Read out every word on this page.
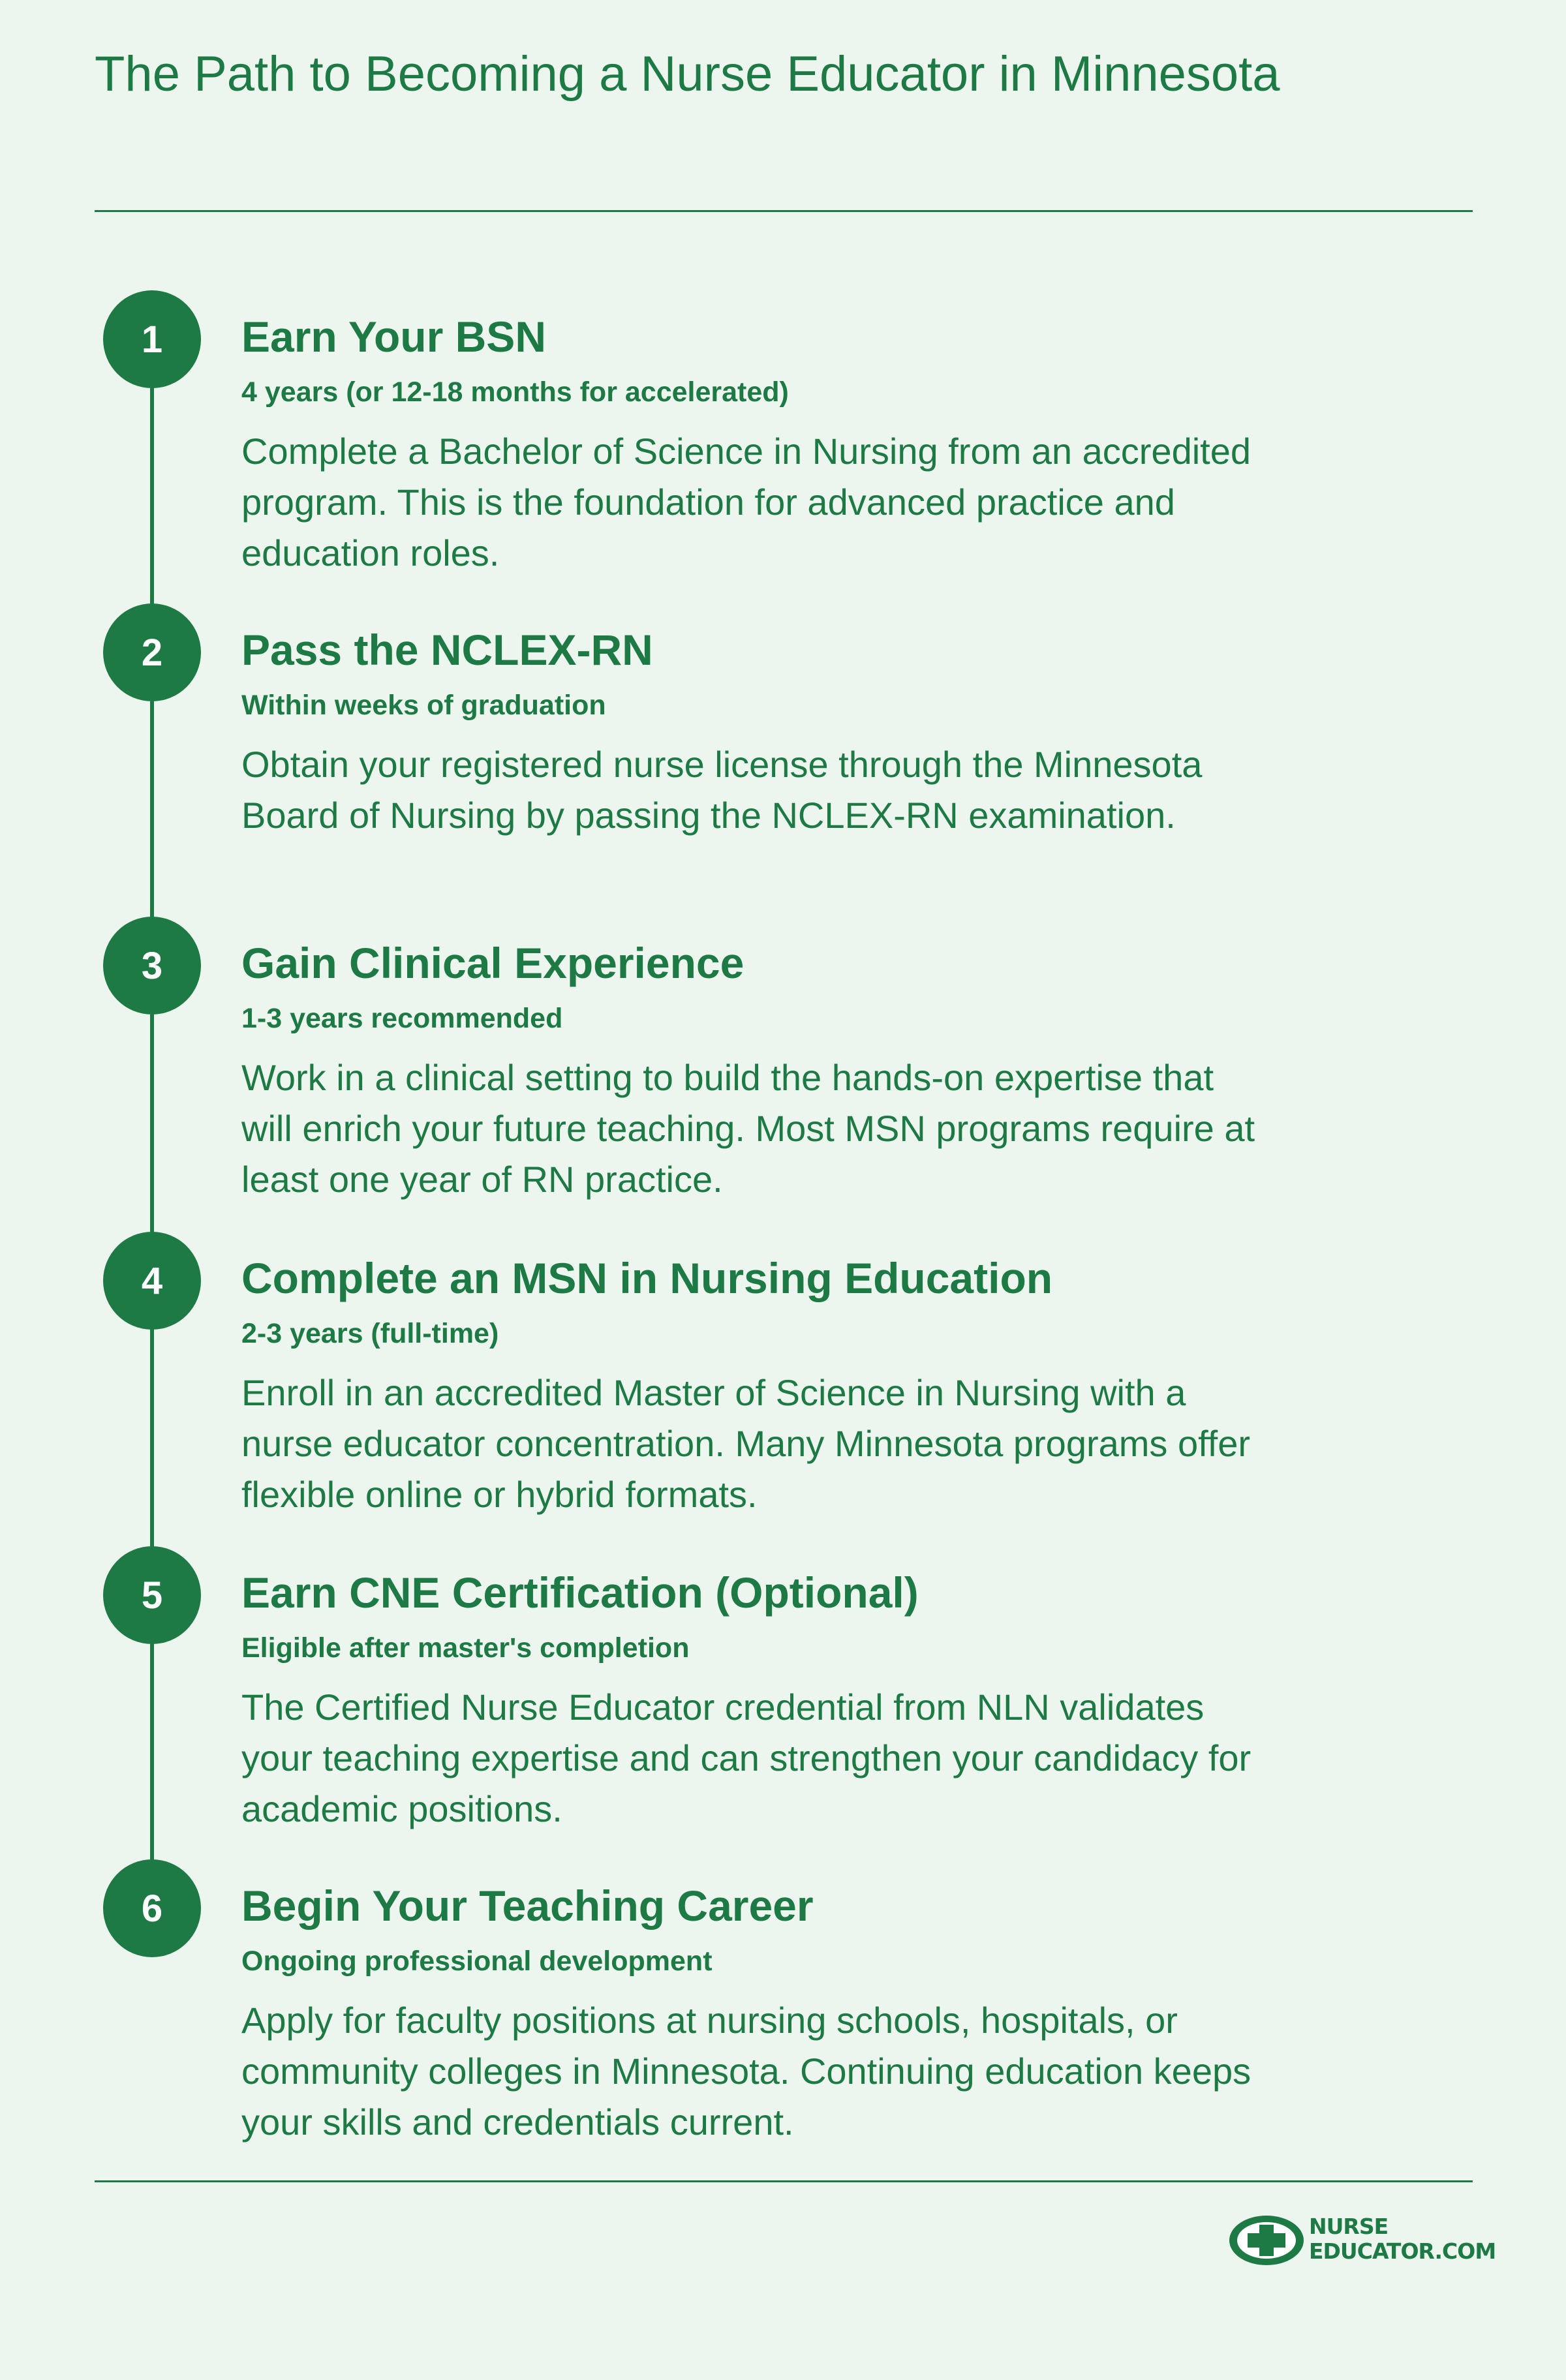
The Path to Becoming a Nurse Educator in Minnesota
1	Earn Your BSN
4 years (or 12-18 months for accelerated)

Complete a Bachelor of Science in Nursing from an accredited program. This is the foundation for advanced practice and education roles.

2	Pass the NCLEX-RN
Within weeks of graduation

Obtain your registered nurse license through the Minnesota Board of Nursing by passing the NCLEX-RN examination.

3	Gain Clinical Experience
1-3 years recommended

Work in a clinical setting to build the hands-on expertise that will enrich your future teaching. Most MSN programs require at least one year of RN practice.

4	Complete an MSN in Nursing Education
2-3 years (full-time)

Enroll in an accredited Master of Science in Nursing with a nurse educator concentration. Many Minnesota programs offer flexible online or hybrid formats.

5	Earn CNE Certification (Optional)
Eligible after master's completion

The Certified Nurse Educator credential from NLN validates your teaching expertise and can strengthen your candidacy for academic positions.

6	Begin Your Teaching Career
Ongoing professional development

Apply for faculty positions at nursing schools, hospitals, or community colleges in Minnesota. Continuing education keeps your skills and credentials current.

NURSE
EDUCATOR.COM
